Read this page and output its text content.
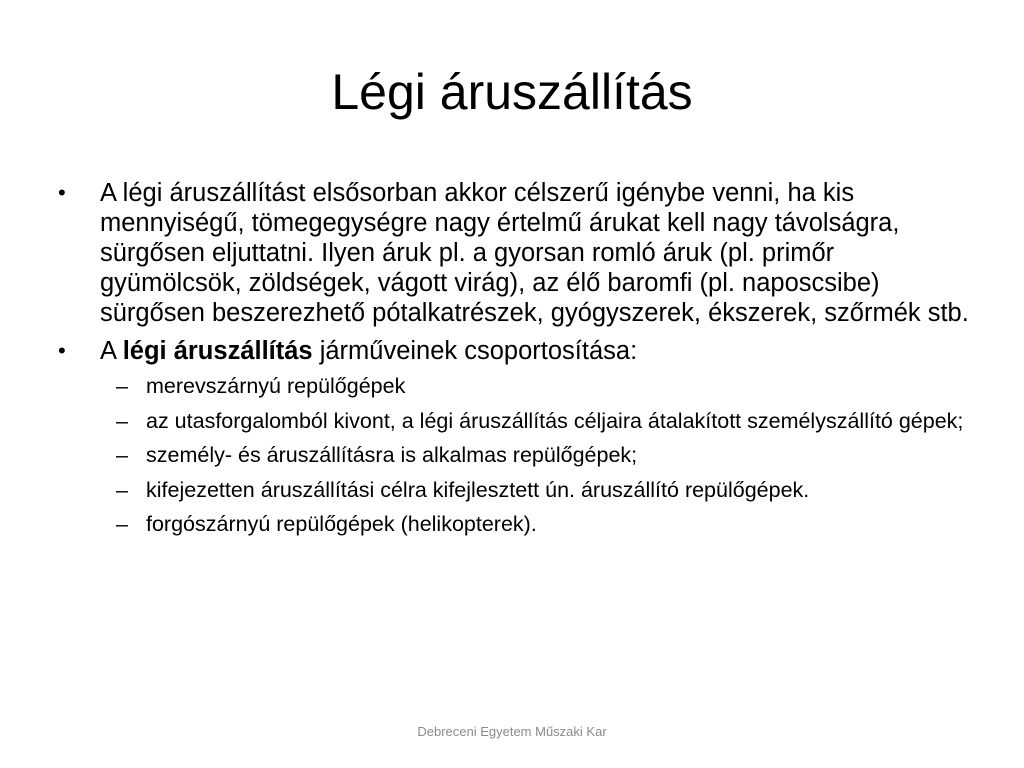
Légi áruszállítás
•	A légi áruszállítást elsősorban akkor célszerű igénybe venni, ha kis mennyiségű, tömegegységre nagy értelmű árukat kell nagy távolságra, sürgősen eljuttatni. Ilyen áruk pl. a gyorsan romló áruk (pl. primőr gyümölcsök, zöldségek, vágott virág), az élő baromfi (pl. naposcsibe) sürgősen beszerezhető pótalkatrészek, gyógyszerek, ékszerek, szőrmék stb.
•	A légi áruszállítás járműveinek csoportosítása:
– merevszárnyú repülőgépek
– az utasforgalomból kivont, a légi áruszállítás céljaira átalakított személyszállító gépek;
– személy- és áruszállításra is alkalmas repülőgépek;
– kifejezetten áruszállítási célra kifejlesztett ún. áruszállító repülőgépek.
– forgószárnyú repülőgépek (helikopterek).
Debreceni Egyetem Műszaki Kar
